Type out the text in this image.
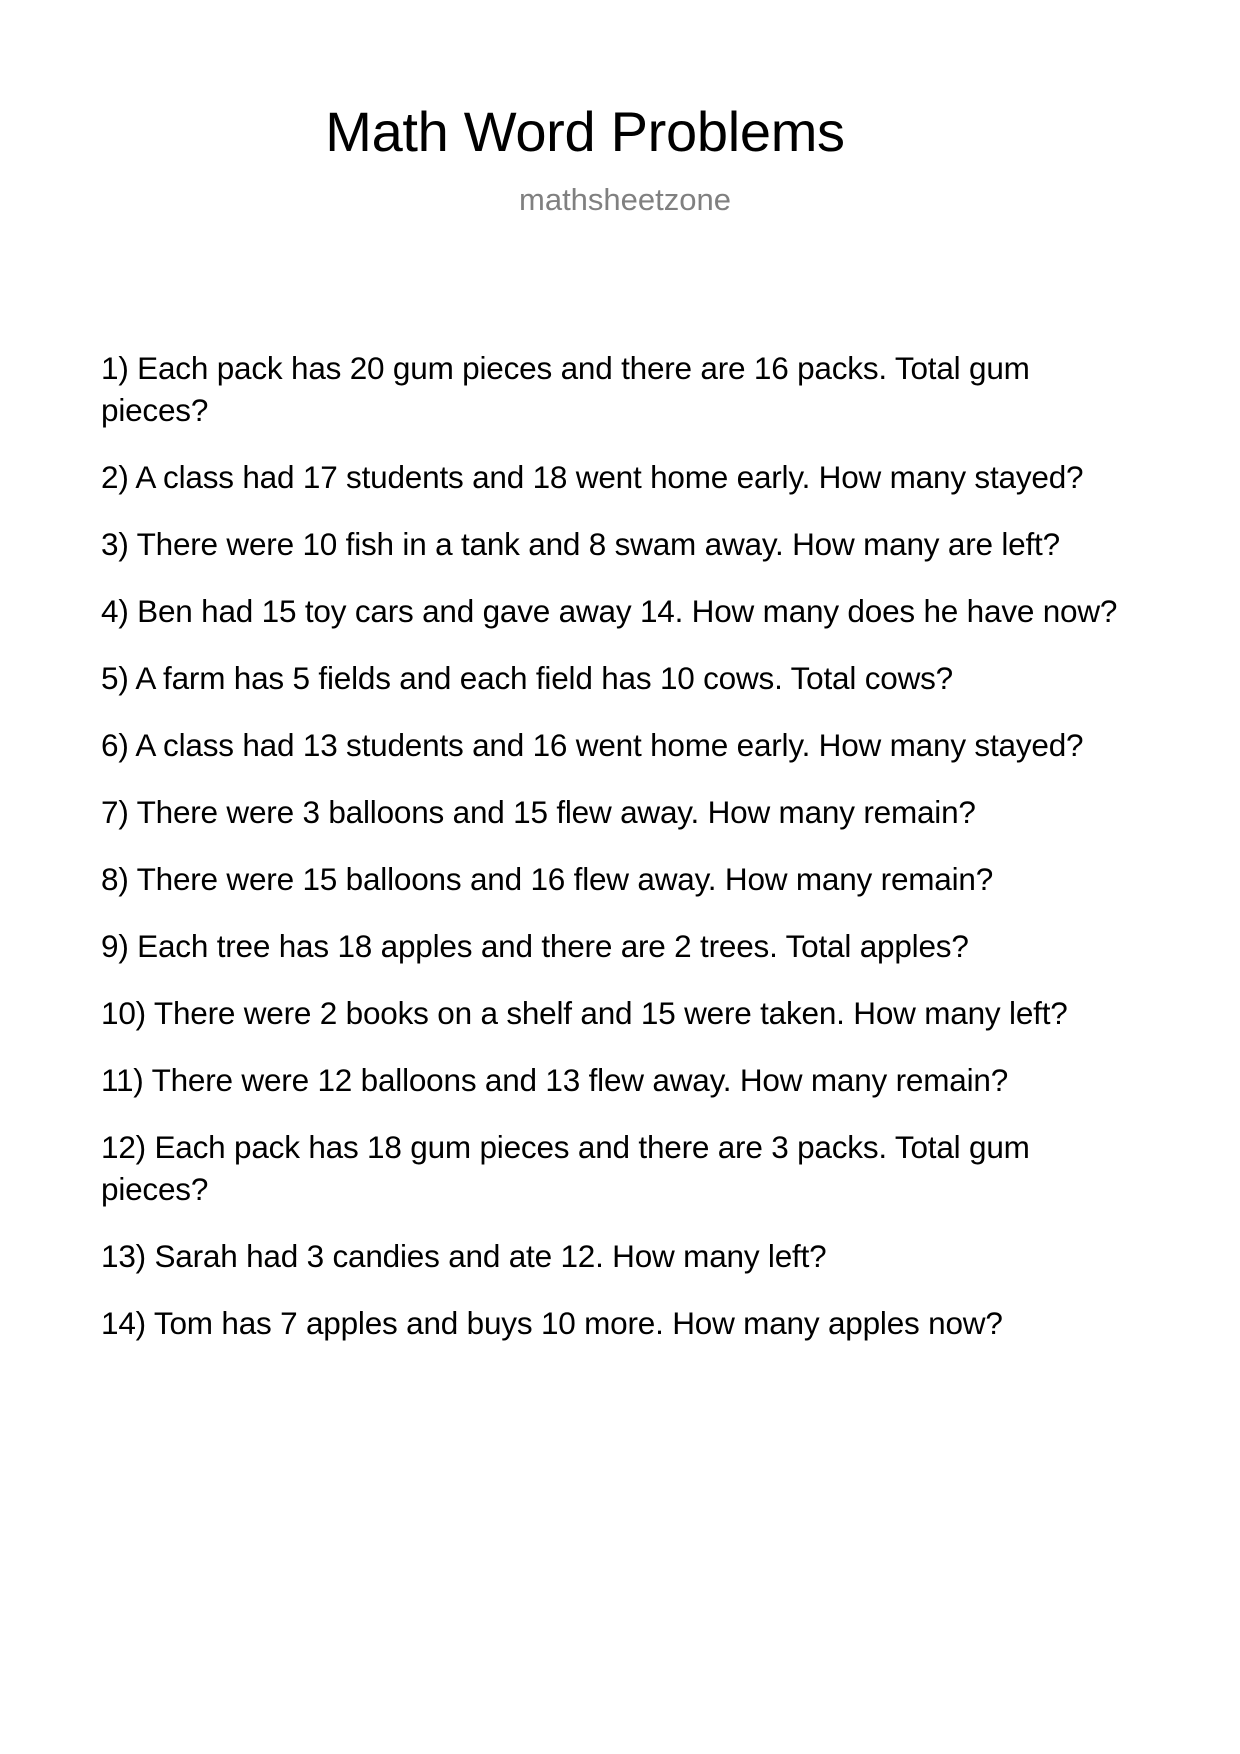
Math Word Problems
mathsheetzone
1) Each pack has 20 gum pieces and there are 16 packs. Total gum pieces?
2) A class had 17 students and 18 went home early. How many stayed?
3) There were 10 fish in a tank and 8 swam away. How many are left?
4) Ben had 15 toy cars and gave away 14. How many does he have now?
5) A farm has 5 fields and each field has 10 cows. Total cows?
6) A class had 13 students and 16 went home early. How many stayed?
7) There were 3 balloons and 15 flew away. How many remain?
8) There were 15 balloons and 16 flew away. How many remain?
9) Each tree has 18 apples and there are 2 trees. Total apples?
10) There were 2 books on a shelf and 15 were taken. How many left?
11) There were 12 balloons and 13 flew away. How many remain?
12) Each pack has 18 gum pieces and there are 3 packs. Total gum pieces?
13) Sarah had 3 candies and ate 12. How many left?
14) Tom has 7 apples and buys 10 more. How many apples now?
